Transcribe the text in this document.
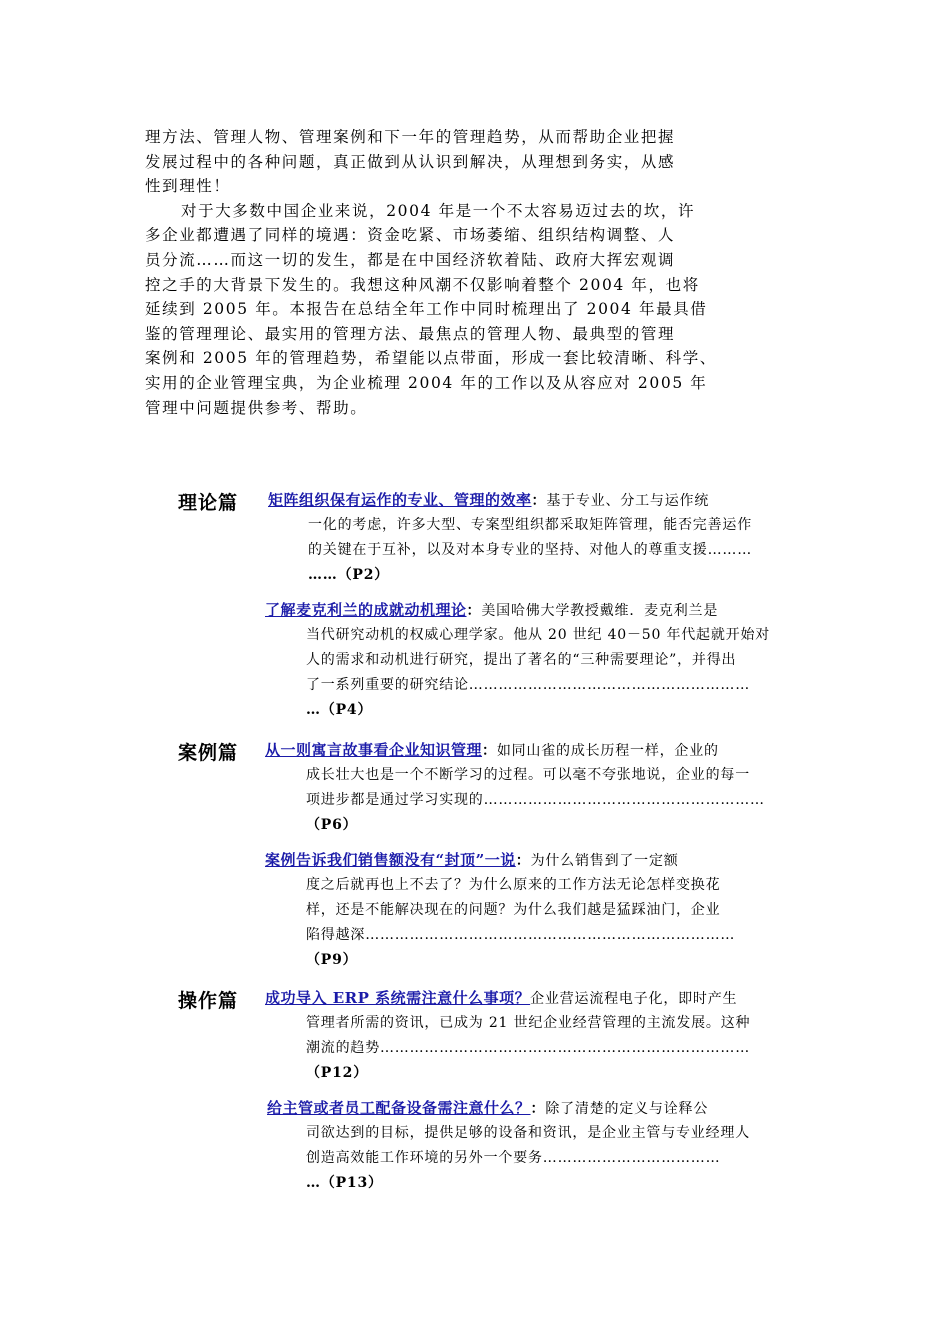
理方法、管理人物、管理案例和下一年的管理趋势，从而帮助企业把握
发展过程中的各种问题，真正做到从认识到解决，从理想到务实，从感
性到理性！

对于大多数中国企业来说，2004 年是一个不太容易迈过去的坎，许
多企业都遭遇了同样的境遇：资金吃紧、市场萎缩、组织结构调整、人
员分流……而这一切的发生，都是在中国经济软着陆、政府大挥宏观调
控之手的大背景下发生的。我想这种风潮不仅影响着整个 2004 年，也将
延续到 2005 年。本报告在总结全年工作中同时梳理出了 2004 年最具借
鉴的管理理论、最实用的管理方法、最焦点的管理人物、最典型的管理
案例和 2005 年的管理趋势，希望能以点带面，形成一套比较清晰、科学、
实用的企业管理宝典，为企业梳理 2004 年的工作以及从容应对 2005 年
管理中问题提供参考、帮助。

理论篇 矩阵组织保有运作的专业、管理的效率：基于专业、分工与运作统
一化的考虑，许多大型、专案型组织都采取矩阵管理，能否完善运作
的关键在于互补，以及对本身专业的坚持、对他人的尊重支援………
……（P2）
了解麦克利兰的成就动机理论：美国哈佛大学教授戴维．麦克利兰是
当代研究动机的权威心理学家。他从 20 世纪 40－50 年代起就开始对
人的需求和动机进行研究，提出了著名的“三种需要理论”，并得出
了一系列重要的研究结论…………………………………………………
…（P4）
案例篇 从一则寓言故事看企业知识管理：如同山雀的成长历程一样，企业的
成长壮大也是一个不断学习的过程。可以毫不夸张地说，企业的每一
项进步都是通过学习实现的…………………………………………………
（P6）
案例告诉我们销售额没有“封顶”一说：为什么销售到了一定额
度之后就再也上不去了？为什么原来的工作方法无论怎样变换花
样，还是不能解决现在的问题？为什么我们越是猛踩油门，企业
陷得越深…………………………………………………………………
（P9）
操作篇 成功导入 ERP 系统需注意什么事项？企业营运流程电子化，即时产生
管理者所需的资讯，已成为 21 世纪企业经营管理的主流发展。这种
潮流的趋势…………………………………………………………………
（P12）
给主管或者员工配备设备需注意什么？：除了清楚的定义与诠释公
司欲达到的目标，提供足够的设备和资讯，是企业主管与专业经理人
创造高效能工作环境的另外一个要务………………………………
…（P13）
